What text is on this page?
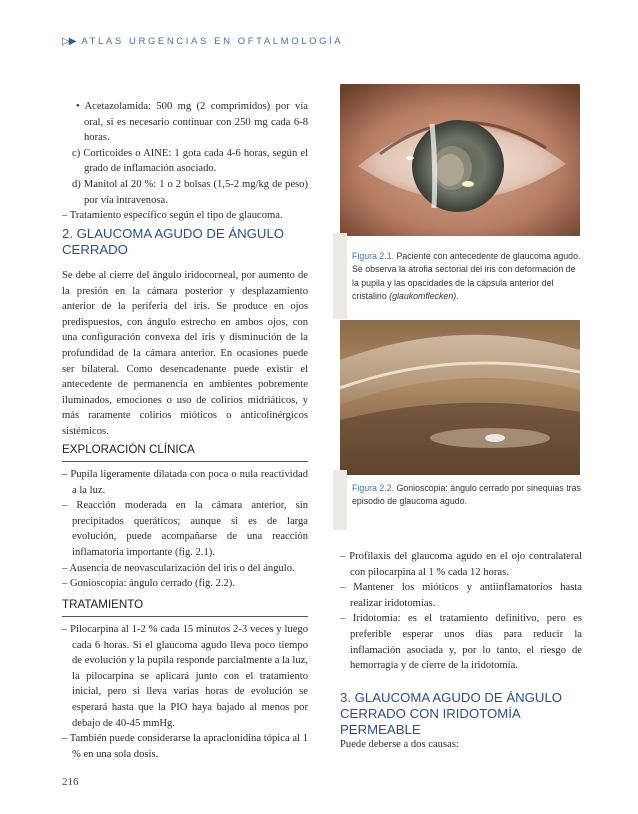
▷▶ ATLAS URGENCIAS EN OFTALMOLOGÍA

• Acetazolamida: 500 mg (2 comprimidos) por vía oral, si es necesario continuar con 250 mg cada 6-8 horas.

c) Corticoides o AINE: 1 gota cada 4-6 horas, según el grado de inflamación asociado.

d) Manitol al 20 %: 1 o 2 bolsas (1,5-2 mg/kg de peso) por vía intravenosa.

– Tratamiento específico según el tipo de glaucoma.

2. GLAUCOMA AGUDO DE ÁNGULO CERRADO

Se debe al cierre del ángulo iridocorneal, por aumento de la presión en la cámara posterior y desplazamiento anterior de la periferia del iris. Se produce en ojos predispuestos, con ángulo estrecho en ambos ojos, con una configuración convexa del iris y disminución de la profundidad de la cámara anterior. En ocasiones puede ser bilateral. Como desencadenante puede existir el antecedente de permanencia en ambientes pobremente iluminados, emociones o uso de colirios midriáticos, y más raramente colirios mióticos o anticolinérgicos sistémicos.

EXPLORACIÓN CLÍNICA

– Pupila ligeramente dilatada con poca o nula reactividad a la luz.

– Reacción moderada en la cámara anterior, sin precipitados queráticos; aunque si es de larga evolución, puede acompañarse de una reacción inflamatoria importante (fig. 2.1).

– Ausencia de neovascularización del iris o del ángulo.

– Gonioscopia: ángulo cerrado (fig. 2.2).

TRATAMIENTO

– Pilocarpina al 1-2 % cada 15 minutos 2-3 veces y luego cada 6 horas. Si el glaucoma agudo lleva poco tiempo de evolución y la pupila responde parcialmente a la luz, la pilocarpina se aplicará junto con el tratamiento inicial, pero si lleva varias horas de evolución se esperará hasta que la PIO haya bajado al menos por debajo de 40-45 mmHg.

– También puede considerarse la apraclonidina tópica al 1 % en una sola dosis.

Figura 2.1. Paciente con antecedente de glaucoma agudo. Se observa la atrofia sectorial del iris con deformación de la pupila y las opacidades de la cápsula anterior del cristalino (glaukomflecken).
Figura 2.2. Gonioscopia: ángulo cerrado por sinequias tras episodio de glaucoma agudo.

– Profilaxis del glaucoma agudo en el ojo contralateral con pilocarpina al 1 % cada 12 horas.

– Mantener los mióticos y antiinflamatorios hasta realizar iridotomías.

– Iridotomía: es el tratamiento definitivo, pero es preferible esperar unos días para reducir la inflamación asociada y, por lo tanto, el riesgo de hemorragia y de cierre de la iridotomía.

3. GLAUCOMA AGUDO DE ÁNGULO CERRADO CON IRIDOTOMÍA PERMEABLE

Puede deberse a dos causas:

216
